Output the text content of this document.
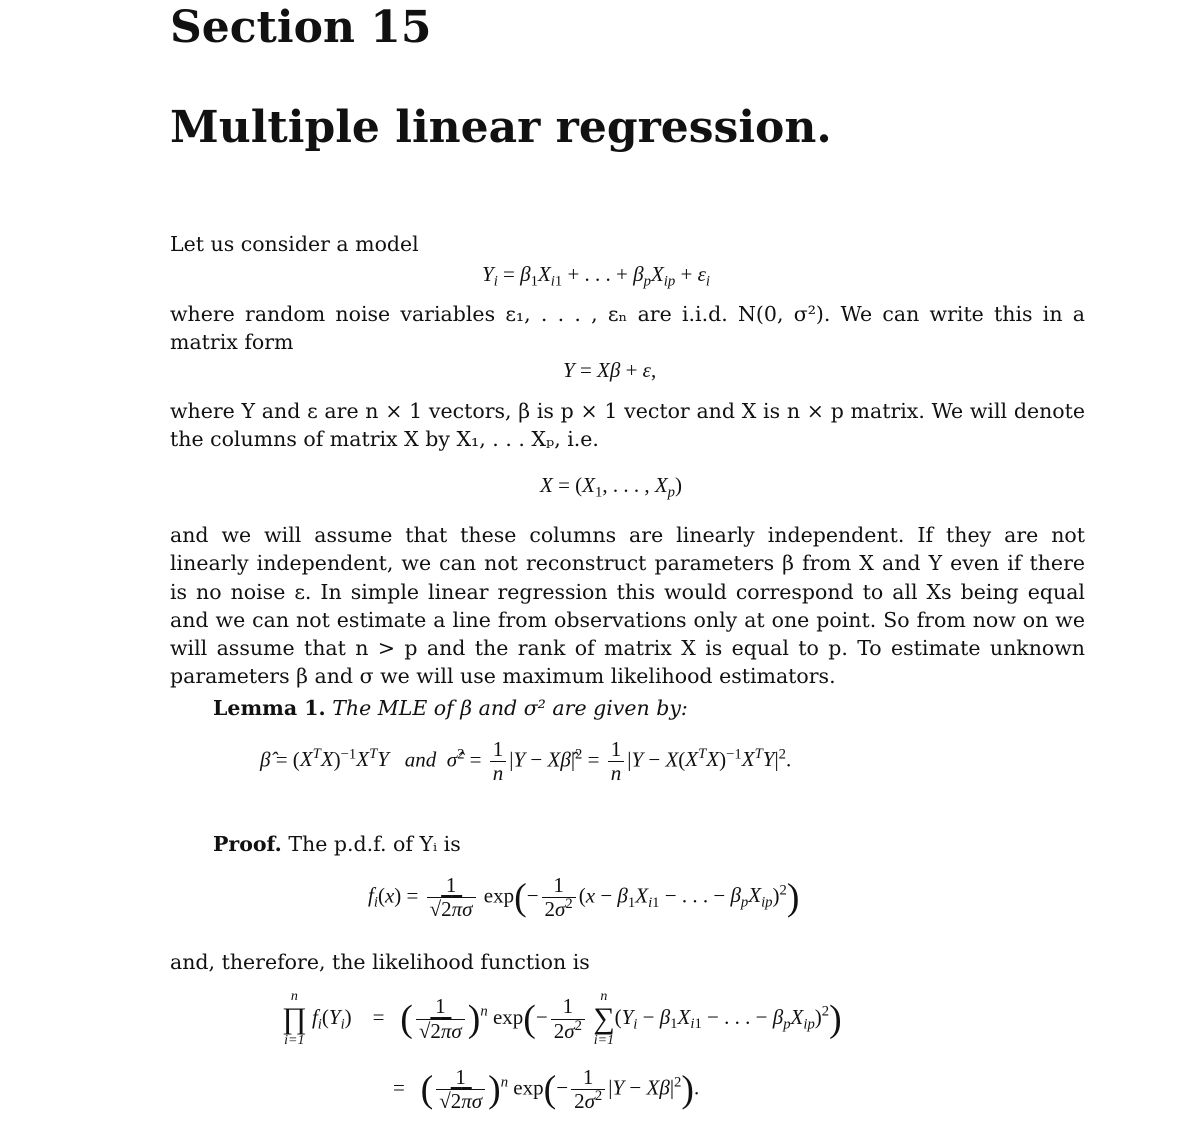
Section 15
Multiple linear regression.
Let us consider a model
$Y_i = \beta_1X_{i1}$ + . . . + $\beta_pX_{ip} + \varepsilon_i$
where random noise variables ε₁, . . . , εₙ are i.i.d. N(0, σ²). We can write this in a matrix form
Y = Xβ + ε,
where Y and ε are n × 1 vectors, β is p × 1 vector and X is n × p matrix. We will denote the columns of matrix X by X₁, . . . Xₚ, i.e.
$X = (X_1$, . . . , $X_p$)
and we will assume that these columns are linearly independent. If they are not linearly independent, we can not reconstruct parameters β from X and Y even if there is no noise ε. In simple linear regression this would correspond to all Xs being equal and we can not estimate a line from observations only at one point. So from now on we will assume that n > p and the rank of matrix X is equal to p. To estimate unknown parameters β and σ we will use maximum likelihood estimators.
Lemma 1. The MLE of β and σ² are given by:
β̂ = $(X^TX)^{-1}X^TY$ and σ̂$^2$ = $\frac{1}{n} |Y$ − $X\betâ|^2 = \frac{1}{n} |Y - X(X^TX)^{-1}X^TY|^2$.
Proof. The p.d.f. of Yᵢ is
$f_i(x) = \frac{1}{√2\pi\sigma} \exp(- \frac{1}{2\sigma^2} (x - \beta_1X_{i1}$ − . . . − $\beta_pX_{ip})^2$)
and, therefore, the likelihood function is
n
∏
i=1
$f_i(Y_i)$    =   ( $\frac{1}{√2\pi\sigma} )^n$ $\exp(- \frac{1}{2\sigma^2}$
	n
∑
i=1
($Y_i - \beta_1X_{i1}$ − . . . − $\beta_pX_{ip})^2$)
=   ( $\frac{1}{√2\pi\sigma} )^n$ $\exp(- \frac{1}{2\sigma^2} |Y - X\beta|^2)$.
